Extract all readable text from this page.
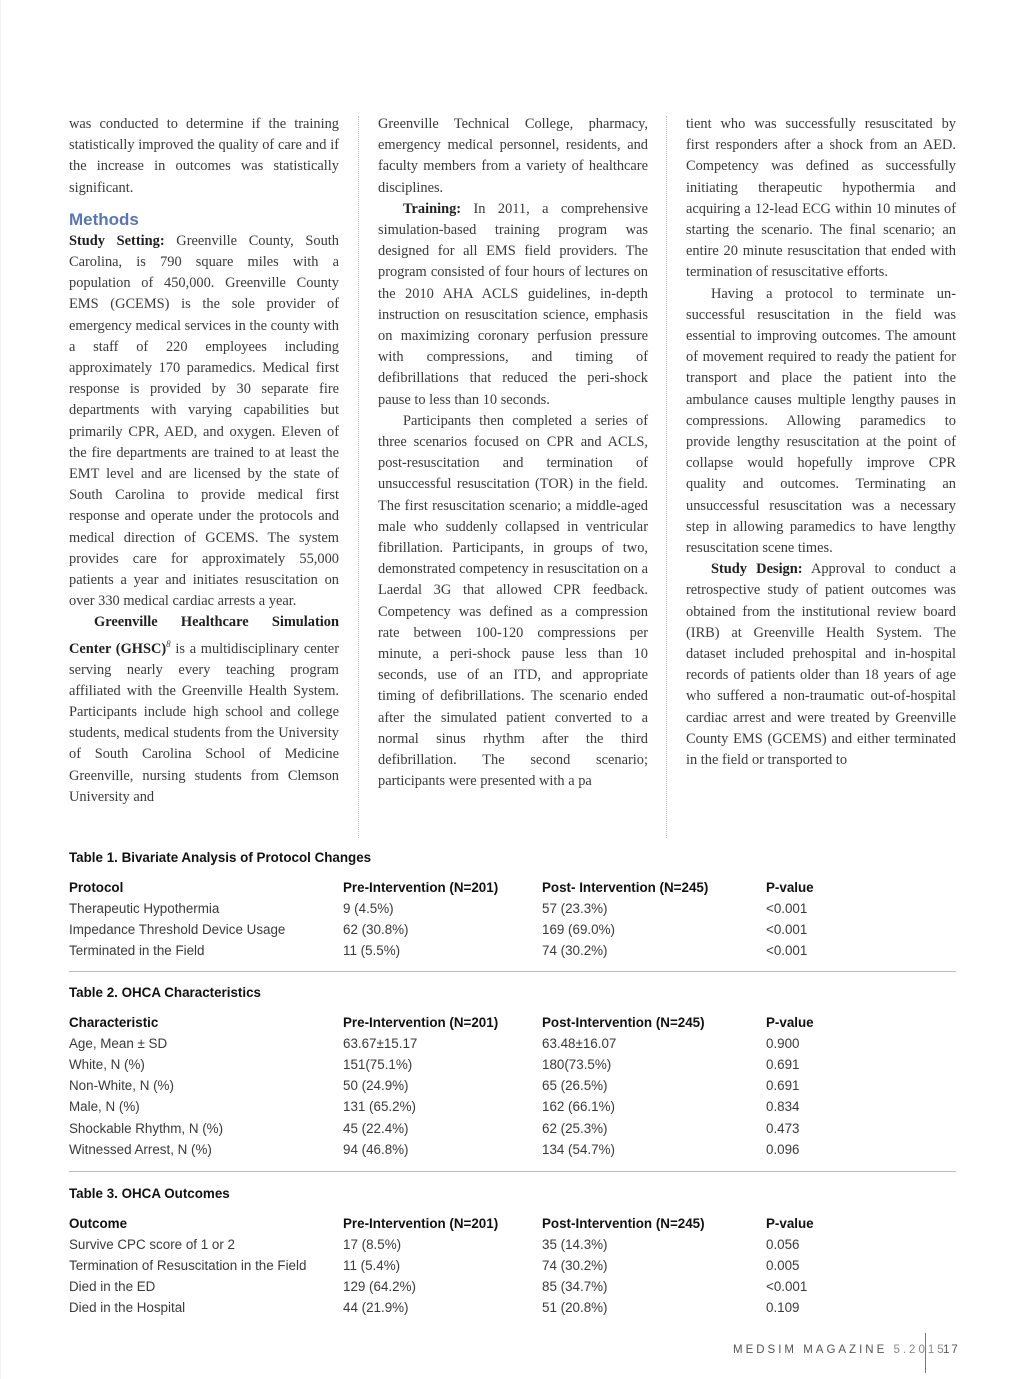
was conducted to determine if the training statistically improved the quality of care and if the increase in outcomes was statistically significant.

Methods

Study Setting: Greenville County, South Carolina, is 790 square miles with a population of 450,000. Greenville County EMS (GCEMS) is the sole provider of emergency medical services in the county with a staff of 220 employees including approximately 170 paramedics. Medical first response is provided by 30 separate fire departments with varying capabilities but primarily CPR, AED, and oxygen. Eleven of the fire departments are trained to at least the EMT level and are licensed by the state of South Carolina to provide medical first response and operate under the protocols and medical direction of GCEMS. The system provides care for approximately 55,000 patients a year and initiates resuscitation on over 330 medical cardiac arrests a year.

Greenville Healthcare Simulation Center (GHSC)$^8$ is a multidisciplinary center serving nearly every teaching program affiliated with the Greenville Health System. Participants include high school and college students, medical students from the University of South Carolina School of Medicine Greenville, nursing students from Clemson University and

Greenville Technical College, pharmacy, emergency medical personnel, residents, and faculty members from a variety of healthcare disciplines.

Training: In 2011, a comprehensive simulation-based training program was designed for all EMS field providers. The program consisted of four hours of lectures on the 2010 AHA ACLS guidelines, in-depth instruction on resuscitation science, emphasis on maximizing coronary perfusion pressure with compressions, and timing of defibrillations that reduced the peri-shock pause to less than 10 seconds.

Participants then completed a series of three scenarios focused on CPR and ACLS, post-resuscitation and termination of unsuccessful resuscitation (TOR) in the field. The first resuscitation scenario; a middle-aged male who suddenly collapsed in ventricular fibrillation. Participants, in groups of two, demonstrated competency in resuscitation on a Laerdal 3G that allowed CPR feedback. Competency was defined as a compression rate between 100-120 compressions per minute, a peri-shock pause less than 10 seconds, use of an ITD, and appropriate timing of defibrillations. The scenario ended after the simulated patient converted to a normal sinus rhythm after the third defibrillation. The second scenario; participants were presented with a pa

tient who was successfully resuscitated by first responders after a shock from an AED. Competency was defined as successfully initiating therapeutic hypothermia and acquiring a 12-lead ECG within 10 minutes of starting the scenario. The final scenario; an entire 20 minute resuscitation that ended with termination of resuscitative efforts.

Having a protocol to terminate unsuccessful resuscitation in the field was essential to improving outcomes. The amount of movement required to ready the patient for transport and place the patient into the ambulance causes multiple lengthy pauses in compressions. Allowing paramedics to provide lengthy resuscitation at the point of collapse would hopefully improve CPR quality and outcomes. Terminating an unsuccessful resuscitation was a necessary step in allowing paramedics to have lengthy resuscitation scene times.

Study Design: Approval to conduct a retrospective study of patient outcomes was obtained from the institutional review board (IRB) at Greenville Health System. The dataset included prehospital and in-hospital records of patients older than 18 years of age who suffered a non-traumatic out-of-hospital cardiac arrest and were treated by Greenville County EMS (GCEMS) and either terminated in the field or transported to

Table 1. Bivariate Analysis of Protocol Changes
Protocol	Pre-Intervention (N=201)	Post- Intervention (N=245)	P-value
Therapeutic Hypothermia	9 (4.5%)	57 (23.3%)	<0.001
Impedance Threshold Device Usage	62 (30.8%)	169 (69.0%)	<0.001
Terminated in the Field	11 (5.5%)	74 (30.2%)	<0.001
Table 2. OHCA Characteristics
Characteristic	Pre-Intervention (N=201)	Post-Intervention (N=245)	P-value
Age, Mean ± SD	63.67±15.17	63.48±16.07	0.900
White, N (%)	151(75.1%)	180(73.5%)	0.691
Non-White, N (%)	50 (24.9%)	65 (26.5%)	0.691
Male, N (%)	131 (65.2%)	162 (66.1%)	0.834
Shockable Rhythm, N (%)	45 (22.4%)	62 (25.3%)	0.473
Witnessed Arrest, N (%)	94 (46.8%)	134 (54.7%)	0.096
Table 3. OHCA Outcomes
Outcome	Pre-Intervention (N=201)	Post-Intervention (N=245)	P-value
Survive CPC score of 1 or 2	17 (8.5%)	35 (14.3%)	0.056
Termination of Resuscitation in the Field	11 (5.4%)	74 (30.2%)	0.005
Died in the ED	129 (64.2%)	85 (34.7%)	<0.001
Died in the Hospital	44 (21.9%)	51 (20.8%)	0.109
MEDSIM MAGAZINE 5.2015
17
